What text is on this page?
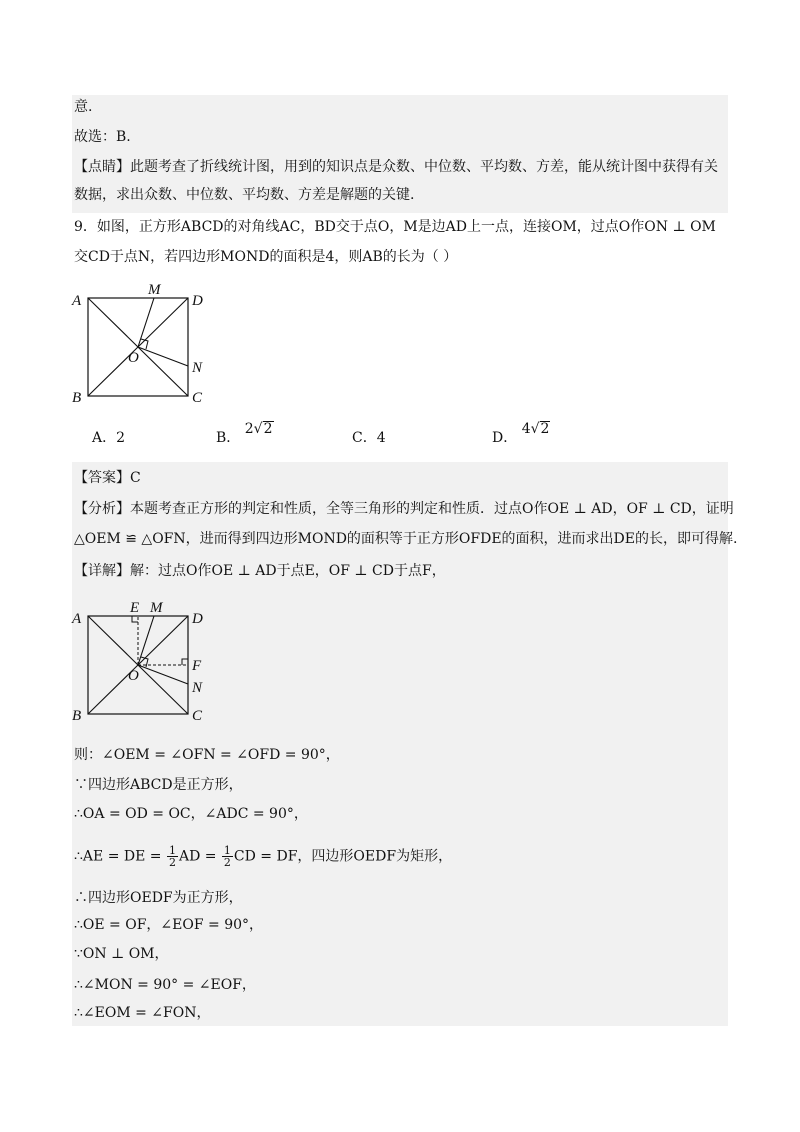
意.
故选：B.
【点睛】此题考查了折线统计图，用到的知识点是众数、中位数、平均数、方差，能从统计图中获得有关
数据，求出众数、中位数、平均数、方差是解题的关键.
9．如图，正方形ABCD的对角线AC，BD交于点O，M是边AD上一点，连接OM，过点O作ON ⊥ OM
交CD于点N，若四边形MOND的面积是4，则AB的长为（ ）
A
M
D
O
N
B	C
A．2	B． 2√2
C．4	D． 4√2
【答案】C
【分析】本题考查正方形的判定和性质，全等三角形的判定和性质．过点O作OE ⊥ AD，OF ⊥ CD，证明
△OEM ≌ △OFN，进而得到四边形MOND的面积等于正方形OFDE的面积，进而求出DE的长，即可得解.
【详解】解：过点O作OE ⊥ AD于点E，OF ⊥ CD于点F，
A
E M
D
F
O
N
B	C
则：∠OEM = ∠OFN = ∠OFD = 90°，
∵四边形ABCD是正方形，
∴OA = OD = OC，∠ADC = 90°，
∴AE = DE = $\frac{1}{2}$ AD = $\frac{1}{2}$ CD = DF，四边形OEDF为矩形，
∴四边形OEDF为正方形，
∴OE = OF，∠EOF = 90°，
∵ON ⊥ OM，
∴∠MON = 90° = ∠EOF，
∴∠EOM = ∠FON，
